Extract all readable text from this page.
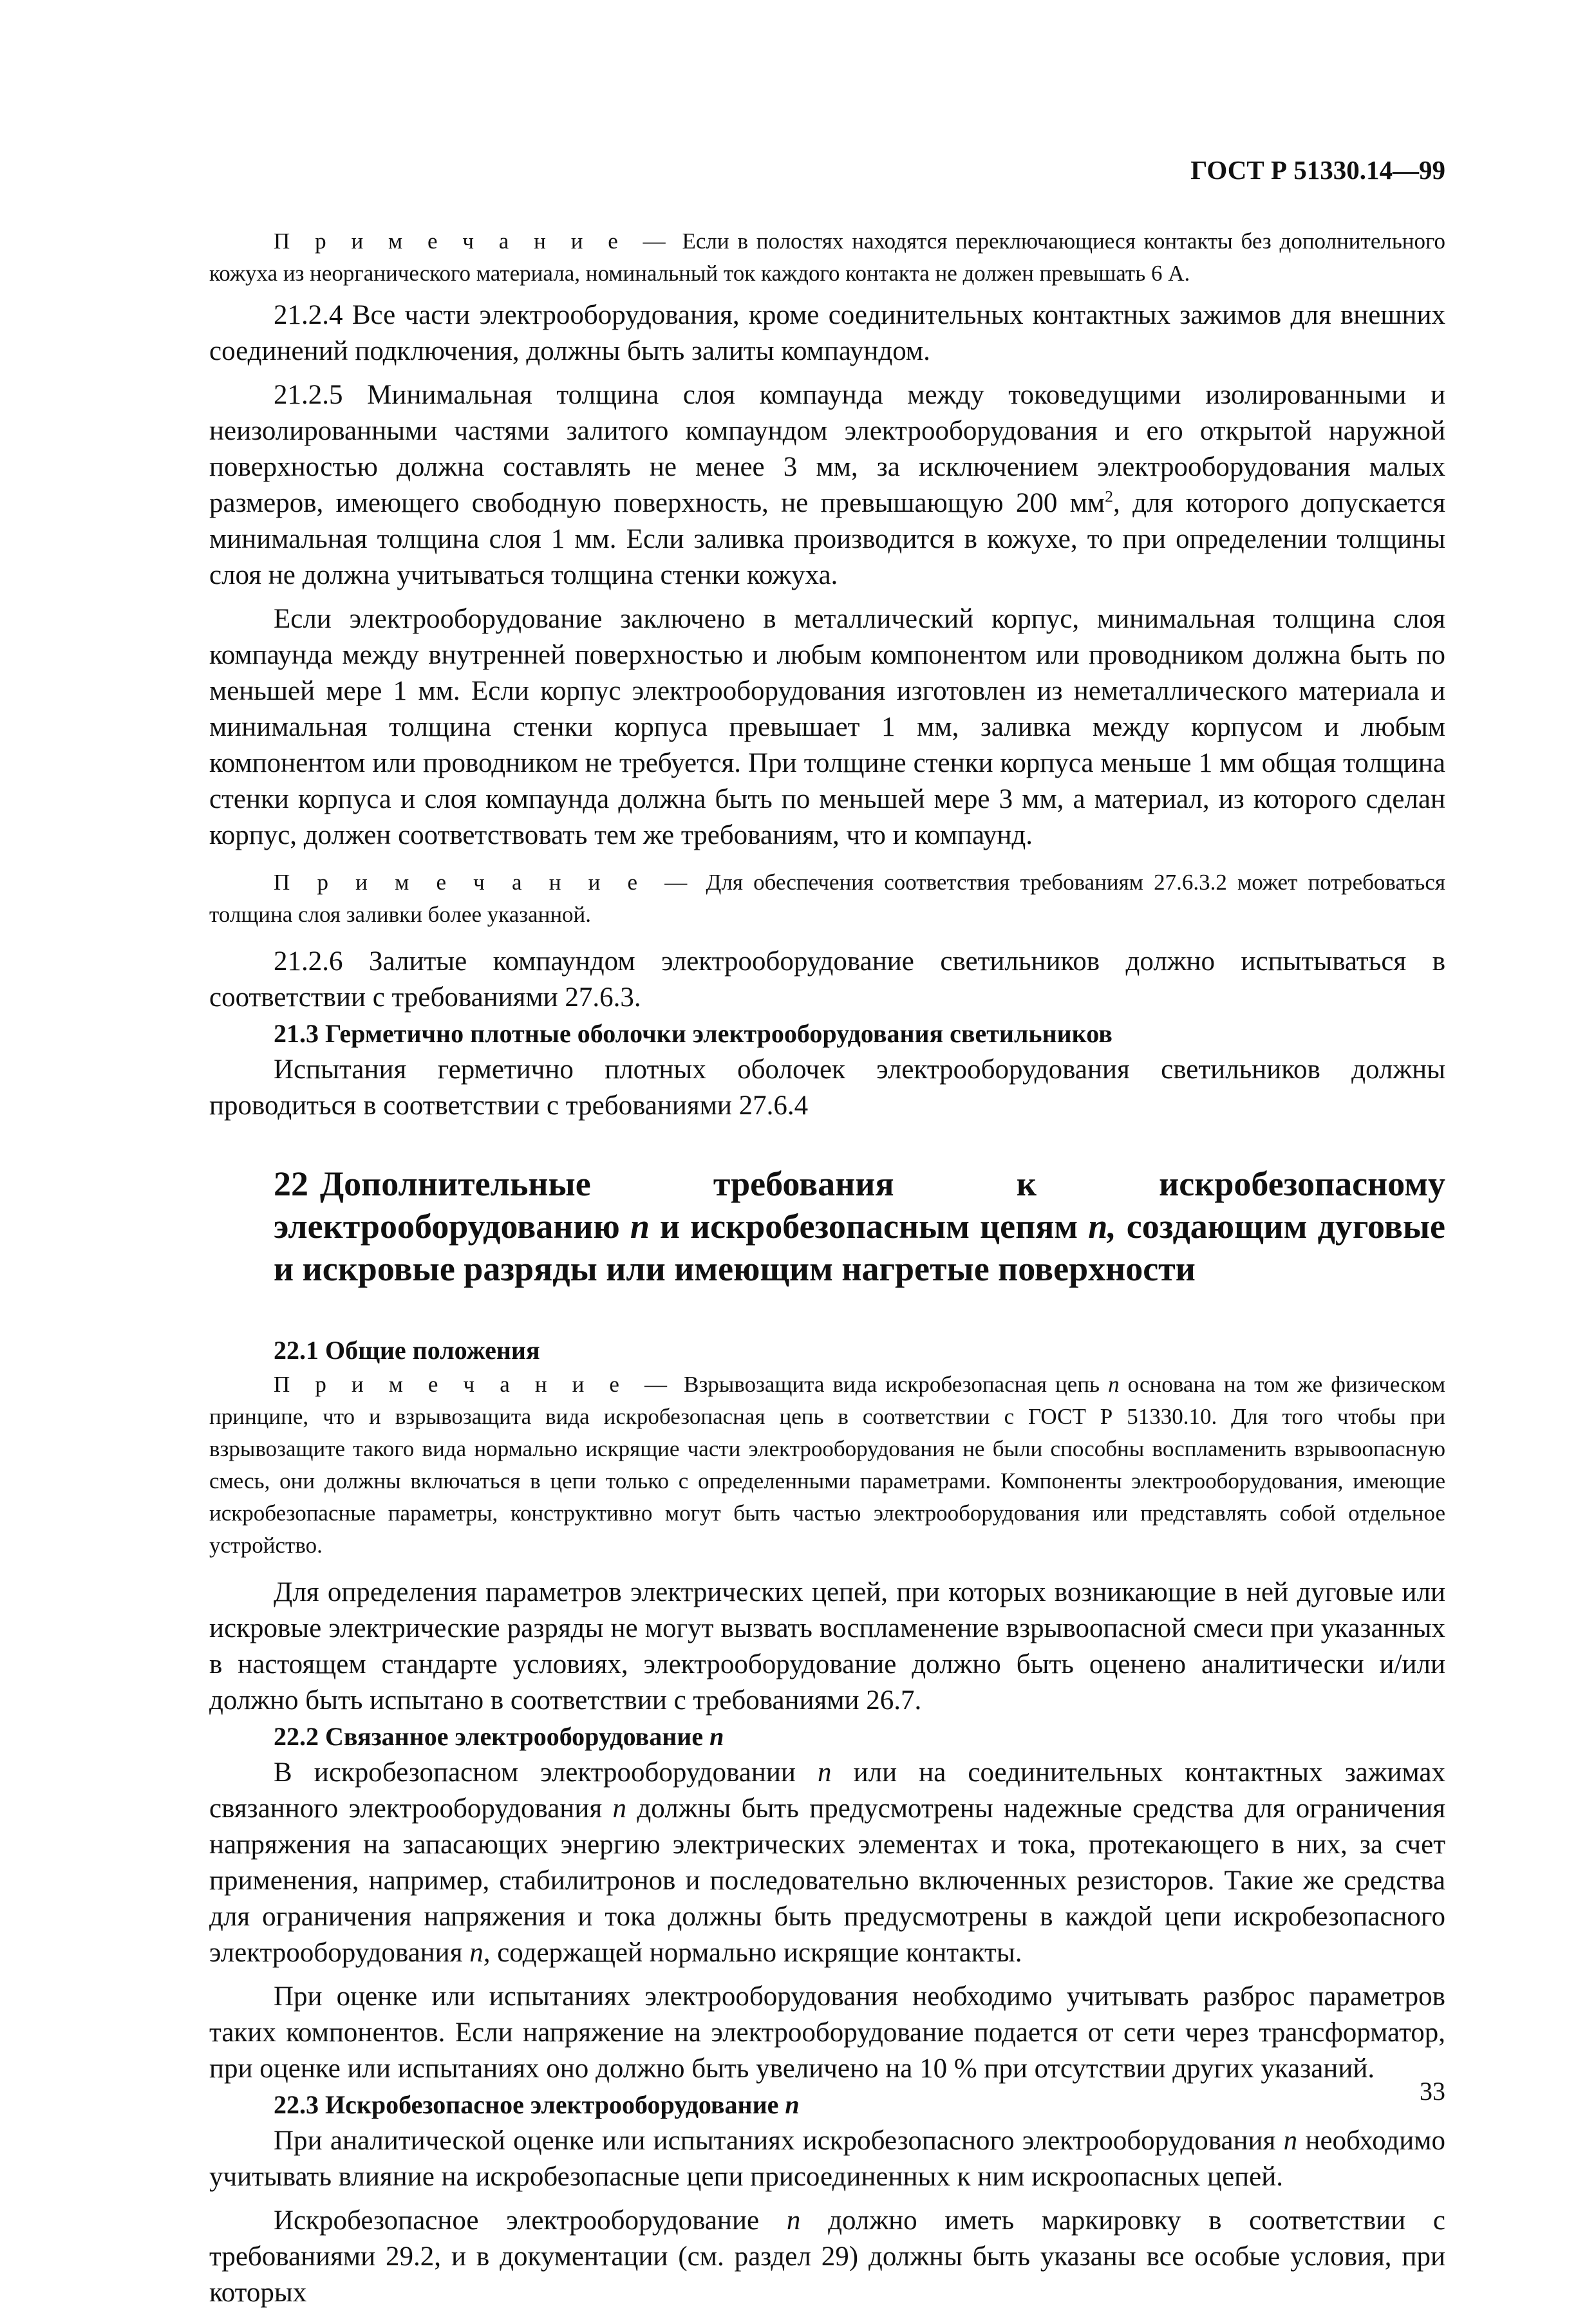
ГОСТ Р 51330.14—99

П р и м е ч а н и е — Если в полостях находятся переключающиеся контакты без дополнительного кожуха из неорганического материала, номинальный ток каждого контакта не должен превышать 6 А.

21.2.4 Все части электрооборудования, кроме соединительных контактных зажимов для внешних соединений подключения, должны быть залиты компаундом.

21.2.5 Минимальная толщина слоя компаунда между токоведущими изолированными и неизолированными частями залитого компаундом электрооборудования и его открытой наружной поверхностью должна составлять не менее 3 мм, за исключением электрооборудования малых размеров, имеющего свободную поверхность, не превышающую 200 $мм^2$, для которого допускается минимальная толщина слоя 1 мм. Если заливка производится в кожухе, то при определении толщины слоя не должна учитываться толщина стенки кожуха.

Если электрооборудование заключено в металлический корпус, минимальная толщина слоя компаунда между внутренней поверхностью и любым компонентом или проводником должна быть по меньшей мере 1 мм. Если корпус электрооборудования изготовлен из неметаллического материала и минимальная толщина стенки корпуса превышает 1 мм, заливка между корпусом и любым компонентом или проводником не требуется. При толщине стенки корпуса меньше 1 мм общая толщина стенки корпуса и слоя компаунда должна быть по меньшей мере 3 мм, а материал, из которого сделан корпус, должен соответствовать тем же требованиям, что и компаунд.

П р и м е ч а н и е — Для обеспечения соответствия требованиям 27.6.3.2 может потребоваться толщина слоя заливки более указанной.

21.2.6 Залитые компаундом электрооборудование светильников должно испытываться в соответствии с требованиями 27.6.3.

21.3 Герметично плотные оболочки электрооборудования светильников

Испытания герметично плотных оболочек электрооборудования светильников должны проводиться в соответствии с требованиями 27.6.4

22 Дополнительные требования к искробезопасному электрооборудованию n и искробезопасным цепям n, создающим дуговые и искровые разряды или имеющим нагретые поверхности

22.1 Общие положения

П р и м е ч а н и е — Взрывозащита вида искробезопасная цепь n основана на том же физическом принципе, что и взрывозащита вида искробезопасная цепь в соответствии с ГОСТ Р 51330.10. Для того чтобы при взрывозащите такого вида нормально искрящие части электрооборудования не были способны воспламенить взрывоопасную смесь, они должны включаться в цепи только с определенными параметрами. Компоненты электрооборудования, имеющие искробезопасные параметры, конструктивно могут быть частью электрооборудования или представлять собой отдельное устройство.

Для определения параметров электрических цепей, при которых возникающие в ней дуговые или искровые электрические разряды не могут вызвать воспламенение взрывоопасной смеси при указанных в настоящем стандарте условиях, электрооборудование должно быть оценено аналитически и/или должно быть испытано в соответствии с требованиями 26.7.

22.2 Связанное электрооборудование n

В искробезопасном электрооборудовании n или на соединительных контактных зажимах связанного электрооборудования n должны быть предусмотрены надежные средства для ограничения напряжения на запасающих энергию электрических элементах и тока, протекающего в них, за счет применения, например, стабилитронов и последовательно включенных резисторов. Такие же средства для ограничения напряжения и тока должны быть предусмотрены в каждой цепи искробезопасного электрооборудования n, содержащей нормально искрящие контакты.

При оценке или испытаниях электрооборудования необходимо учитывать разброс параметров таких компонентов. Если напряжение на электрооборудование подается от сети через трансформатор, при оценке или испытаниях оно должно быть увеличено на 10 % при отсутствии других указаний.

22.3 Искробезопасное электрооборудование n

При аналитической оценке или испытаниях искробезопасного электрооборудования n необходимо учитывать влияние на искробезопасные цепи присоединенных к ним искроопасных цепей.

Искробезопасное электрооборудование n должно иметь маркировку в соответствии с требованиями 29.2, и в документации (см. раздел 29) должны быть указаны все особые условия, при которых

33
